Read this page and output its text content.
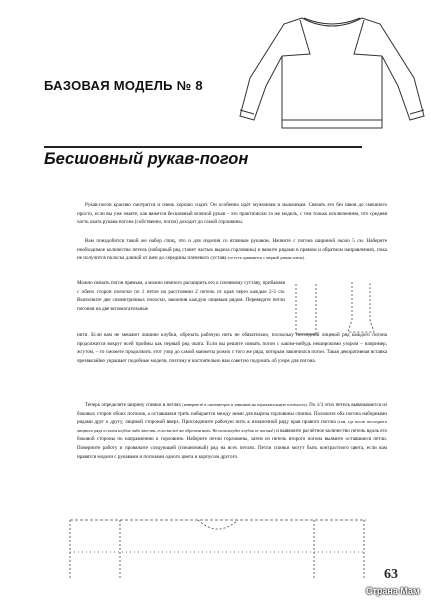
БАЗОВАЯ МОДЕЛЬ № 8
Бесшовный рукав-погон

Рукав-погон красиво смотрится и очень хорошо сидит. Он особенно идёт мужчинам и мальчикам. Связать его без швов до смешного просто, если вы уже знаете, как вяжется бесшовный втачной рукав – это практически та же модель, с тем только исключением, что средняя часть оката рукава-погона (собственно, погон) доходит до самой горловины.

Вам понадобится такой же набор спиц, что и для изделия со втачным рукавом. Начните с погона шириной около 5 см. Наберите необходимое количество петель (наборный ряд станет частью выреза горловины) и вяжите рядами в прямом и обратном направлениях, пока не получится полоска длиной от шеи до середины плечевого сустава (то есть сравняется с меркой длины плеча).

Можно связать погон прямым, а можно немного расширить его к плечевому суставу, прибавляя с обеих сторон полоски по 1 петле на расстоянии 2 петель от края через каждые 2-3 см. Выполните две симметричных полоски, закончив каждую лицевым рядом. Переведите петли погонов на две вспомогательные

нити. Если вам не мешают лишние клубки, обрезать рабочую нить не обязательно, поскольку последний лицевой ряд каждого погона продолжится вокруг всей проймы как первый ряд оката. Если вы решите связать погон с каким-нибудь неширокими узором – например, жгутом, – то сможете продолжить этот узор до самой манжеты рожно с того же ряда, которым закончился погон. Такая декоративная вставка чрезвычайно украшает подобные модели, поэтому я настоятельно вам советую подумать об узоре для погона.

Теперь определите ширину спинки в петлях (измерив её в сантиметрах и умножив на горизонтальную плотность). По 1/3 этих петель вывязывается из боковых сторон обоих погонов, а оставшаяся треть набирается между ними для выреза горловины спинки. Положите оба погона наборными рядами друг к другу, лицевой стороной вверх. Присоедините рабочую нить к изнаночной ряду края правого погона (там, где после последнего лицевого ряда осталея клубок либо хвостик, если вы всё же обрезали нить. Не используйте клубок от погона!) и вывяжите расчётное количество петель вдоль его боковой стороны по направлению к горловине. Наберите петли горловины, затем из петель второго погона выямите оставшиеся петли. Поверните работу и провяжите следующий (изнаночный) ряд на всех петлях. Петли спинки могут быть контрастного цвета, если вам нравятся модели с рукавами и погонами одного цвета и корпусом другого.

63
Страна Мам
